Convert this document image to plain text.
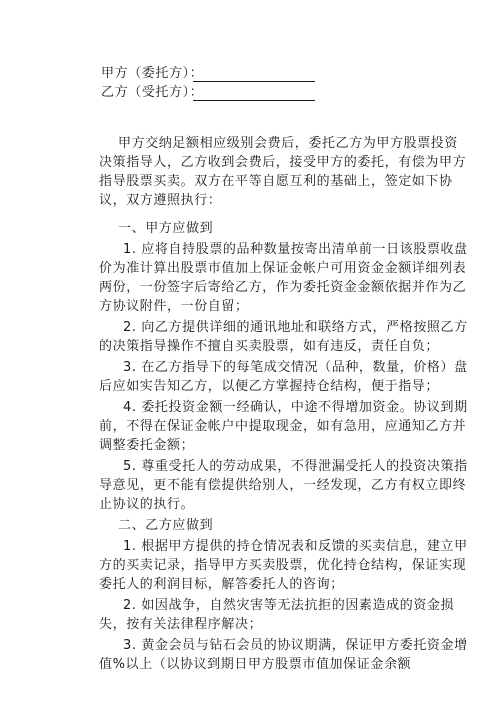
甲方（委托方）：
乙方（受托方）：
甲方交纳足额相应级别会费后，委托乙方为甲方股票投资
决策指导人，乙方收到会费后，接受甲方的委托，有偿为甲方
指导股票买卖。双方在平等自愿互利的基础上，签定如下协
议，双方遵照执行：
一、甲方应做到
1. 应将自持股票的品种数量按寄出清单前一日该股票收盘
价为准计算出股票市值加上保证金帐户可用资金金额详细列表
两份，一份签字后寄给乙方，作为委托资金金额依据并作为乙
方协议附件，一份自留；
2. 向乙方提供详细的通讯地址和联络方式，严格按照乙方
的决策指导操作不擅自买卖股票，如有违反，责任自负；
3. 在乙方指导下的每笔成交情况（品种，数量，价格）盘
后应如实告知乙方，以便乙方掌握持仓结构，便于指导；
4. 委托投资金额一经确认，中途不得增加资金。协议到期
前，不得在保证金帐户中提取现金，如有急用，应通知乙方并
调整委托金额；
5. 尊重受托人的劳动成果，不得泄漏受托人的投资决策指
导意见，更不能有偿提供给别人，一经发现，乙方有权立即终
止协议的执行。
二、乙方应做到
1. 根据甲方提供的持仓情况表和反馈的买卖信息，建立甲
方的买卖记录，指导甲方买卖股票，优化持仓结构，保证实现
委托人的利润目标，解答委托人的咨询；
2. 如因战争，自然灾害等无法抗拒的因素造成的资金损
失，按有关法律程序解决；
3. 黄金会员与钻石会员的协议期满，保证甲方委托资金增
值%以上（以协议到期日甲方股票市值加保证金余额
